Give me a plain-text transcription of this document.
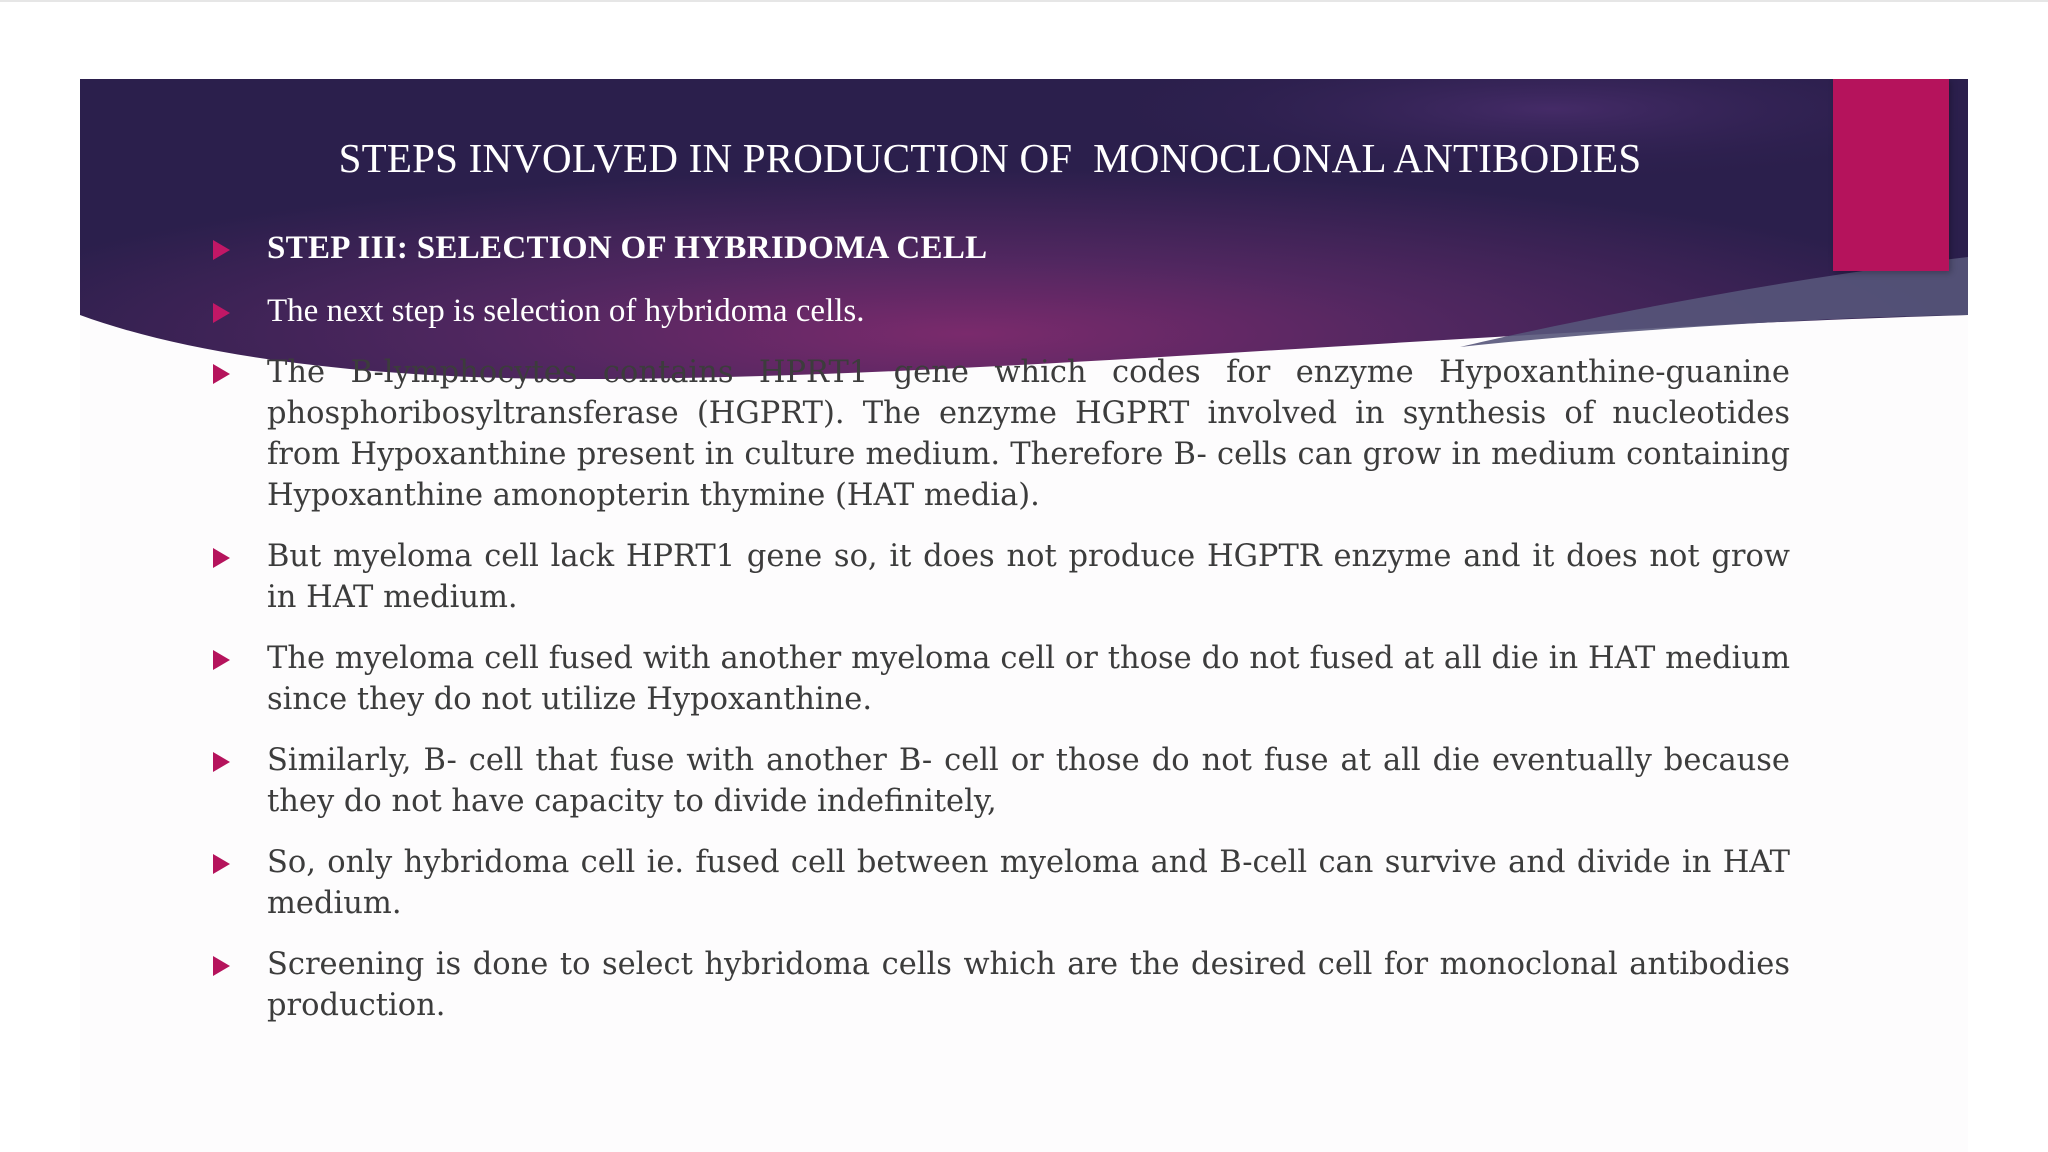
STEPS INVOLVED IN PRODUCTION OF  MONOCLONAL ANTIBODIES
STEP III: SELECTION OF HYBRIDOMA CELL
The next step is selection of hybridoma cells.
The B-lymphocytes contains HPRT1 gene which codes for enzyme Hypoxanthine-guanine phosphoribosyltransferase (HGPRT). The enzyme HGPRT involved in synthesis of nucleotides from Hypoxanthine present in culture medium. Therefore B- cells can grow in medium containing Hypoxanthine amonopterin thymine (HAT media).
But myeloma cell lack HPRT1 gene so, it does not produce HGPTR enzyme and it does not grow in HAT medium.
The myeloma cell fused with another myeloma cell or those do not fused at all die in HAT medium since they do not utilize Hypoxanthine.
Similarly, B- cell that fuse with another B- cell or those do not fuse at all die eventually because they do not have capacity to divide indefinitely,
So, only hybridoma cell ie. fused cell between myeloma and B-cell can survive and divide in HAT medium.
Screening is done to select hybridoma cells which are the desired cell for monoclonal antibodies production.
